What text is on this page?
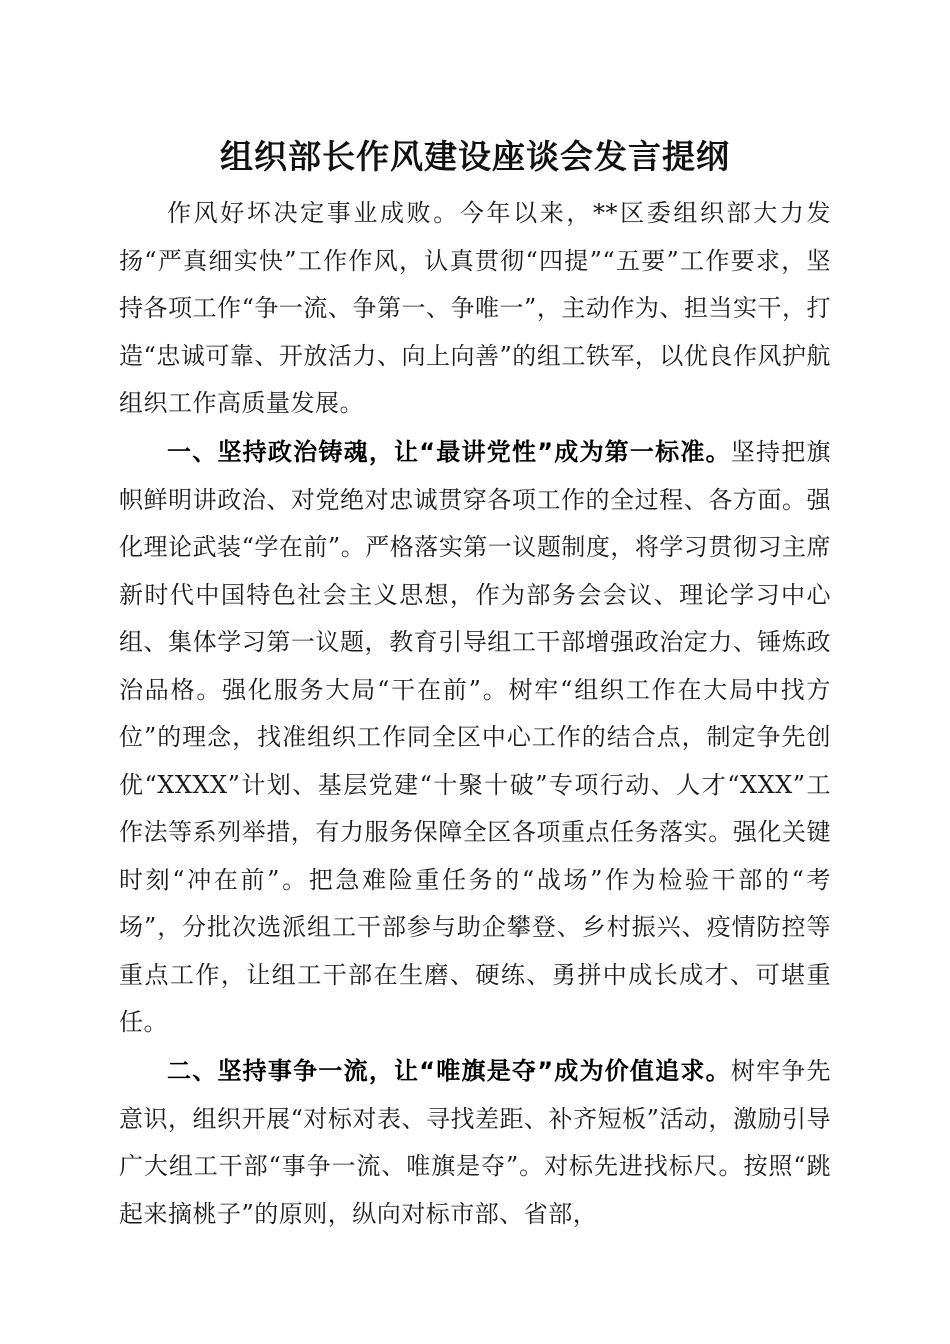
组织部长作风建设座谈会发言提纲

作风好坏决定事业成败。今年以来，**区委组织部大力发扬“严真细实快”工作作风，认真贯彻“四提”“五要”工作要求，坚持各项工作“争一流、争第一、争唯一”，主动作为、担当实干，打造“忠诚可靠、开放活力、向上向善”的组工铁军，以优良作风护航组织工作高质量发展。

一、坚持政治铸魂，让“最讲党性”成为第一标准。坚持把旗帜鲜明讲政治、对党绝对忠诚贯穿各项工作的全过程、各方面。强化理论武装“学在前”。严格落实第一议题制度，将学习贯彻习主席新时代中国特色社会主义思想，作为部务会会议、理论学习中心组、集体学习第一议题，教育引导组工干部增强政治定力、锤炼政治品格。强化服务大局“干在前”。树牢“组织工作在大局中找方位”的理念，找准组织工作同全区中心工作的结合点，制定争先创优“XXXX”计划、基层党建“十聚十破”专项行动、人才“XXX”工作法等系列举措，有力服务保障全区各项重点任务落实。强化关键时刻“冲在前”。把急难险重任务的“战场”作为检验干部的“考场”，分批次选派组工干部参与助企攀登、乡村振兴、疫情防控等重点工作，让组工干部在生磨、硬练、勇拼中成长成才、可堪重任。

二、坚持事争一流，让“唯旗是夺”成为价值追求。树牢争先意识，组织开展“对标对表、寻找差距、补齐短板”活动，激励引导广大组工干部“事争一流、唯旗是夺”。对标先进找标尺。按照“跳起来摘桃子”的原则，纵向对标市部、省部，
